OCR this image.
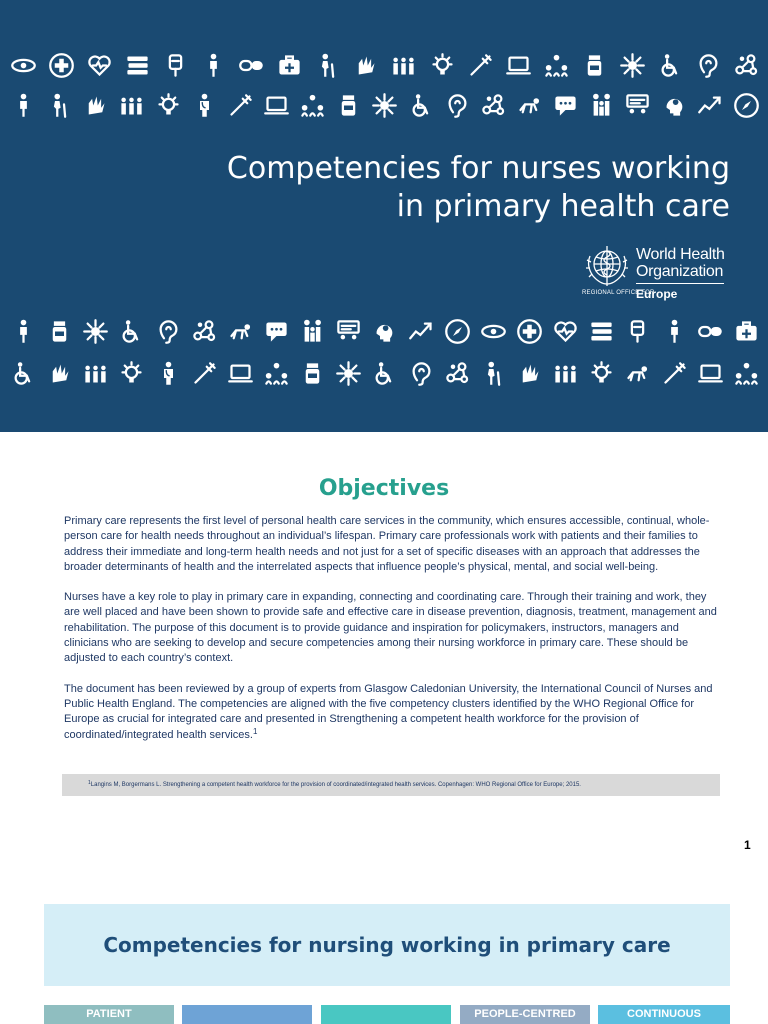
Competencies for nurses working
in primary health care
World Health
Organization
REGIONAL OFFICE FOR
Europe
Objectives

Primary care represents the first level of personal health care services in the community, which ensures accessible, continual, whole-person care for health needs throughout an individual’s lifespan. Primary care professionals work with patients and their families to address their immediate and long-term health needs and not just for a set of specific diseases with an approach that addresses the broader determinants of health and the interrelated aspects that influence people’s physical, mental, and social well-being.

Nurses have a key role to play in primary care in expanding, connecting and coordinating care. Through their training and work, they are well placed and have been shown to provide safe and effective care in disease prevention, diagnosis, treatment, management and rehabilitation. The purpose of this document is to provide guidance and inspiration for policymakers, instructors, managers and clinicians who are seeking to develop and secure competencies among their nursing workforce in primary care. These should be adjusted to each country’s context.

The document has been reviewed by a group of experts from Glasgow Caledonian University, the International Council of Nurses and Public Health England. The competencies are aligned with the five competency clusters identified by the WHO Regional Office for Europe as crucial for integrated care and presented in Strengthening a competent health workforce for the provision of coordinated/integrated health services.$^1$

$^1$Langins M, Borgermans L. Strengthening a competent health workforce for the provision of coordinated/integrated health services. Copenhagen: WHO Regional Office for Europe; 2015.
1
Competencies for nursing working in primary care
PATIENT	PEOPLE-CENTRED	CONTINUOUS
